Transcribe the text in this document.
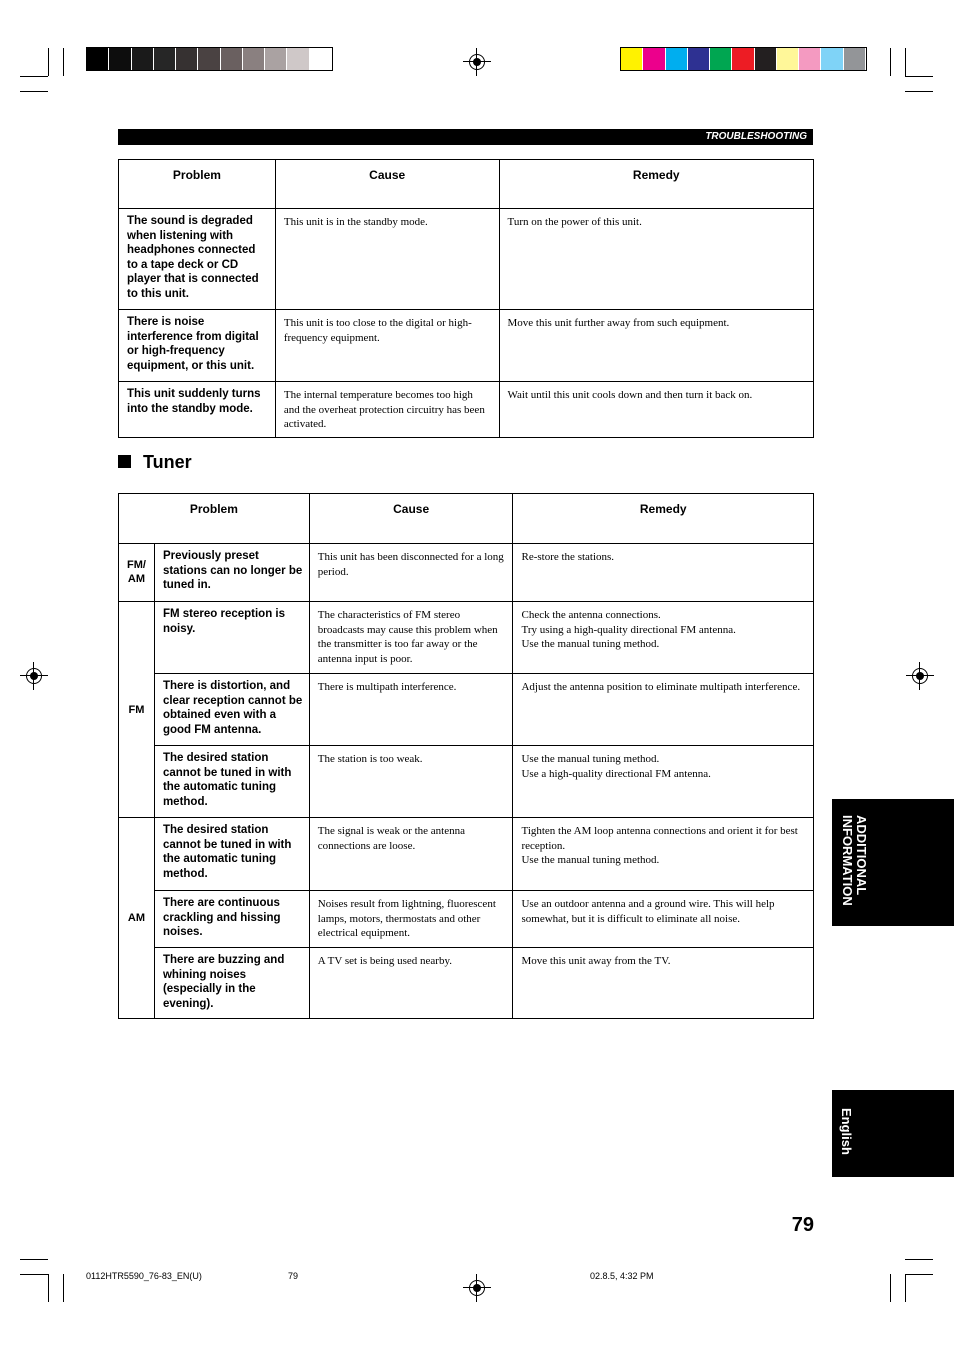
TROUBLESHOOTING
Problem	Cause	Remedy
The sound is degraded when listening with headphones connected to a tape deck or CD player that is connected to this unit.	This unit is in the standby mode.	Turn on the power of this unit.
There is noise interference from digital or high-frequency equipment, or this unit.	This unit is too close to the digital or high-frequency equipment.	Move this unit further away from such equipment.
This unit suddenly turns into the standby mode.	The internal temperature becomes too high and the overheat protection circuitry has been activated.	Wait until this unit cools down and then turn it back on.
Tuner
Problem		Cause	Remedy
FM/
AM	Previously preset stations can no longer be tuned in.	This unit has been disconnected for a long period.	Re-store the stations.
FM	FM stereo reception is noisy.	The characteristics of FM stereo broadcasts may cause this problem when the transmitter is too far away or the antenna input is poor.	Check the antenna connections.
Try using a high-quality directional FM antenna.
Use the manual tuning method.
	There is distortion, and clear reception cannot be obtained even with a good FM antenna.	There is multipath interference.	Adjust the antenna position to eliminate multipath interference.
	The desired station cannot be tuned in with the automatic tuning method.	The station is too weak.	Use the manual tuning method.
Use a high-quality directional FM antenna.
AM	The desired station cannot be tuned in with the automatic tuning method.	The signal is weak or the antenna connections are loose.	Tighten the AM loop antenna connections and orient it for best reception.
Use the manual tuning method.
	There are continuous crackling and hissing noises.	Noises result from lightning, fluorescent lamps, motors, thermostats and other electrical equipment.	Use an outdoor antenna and a ground wire. This will help somewhat, but it is difficult to eliminate all noise.
	There are buzzing and whining noises (especially in the evening).	A TV set is being used nearby.	Move this unit away from the TV.
ADDITIONAL
INFORMATION
English
79
0112HTR5590_76-83_EN(U)	79	02.8.5, 4:32 PM
